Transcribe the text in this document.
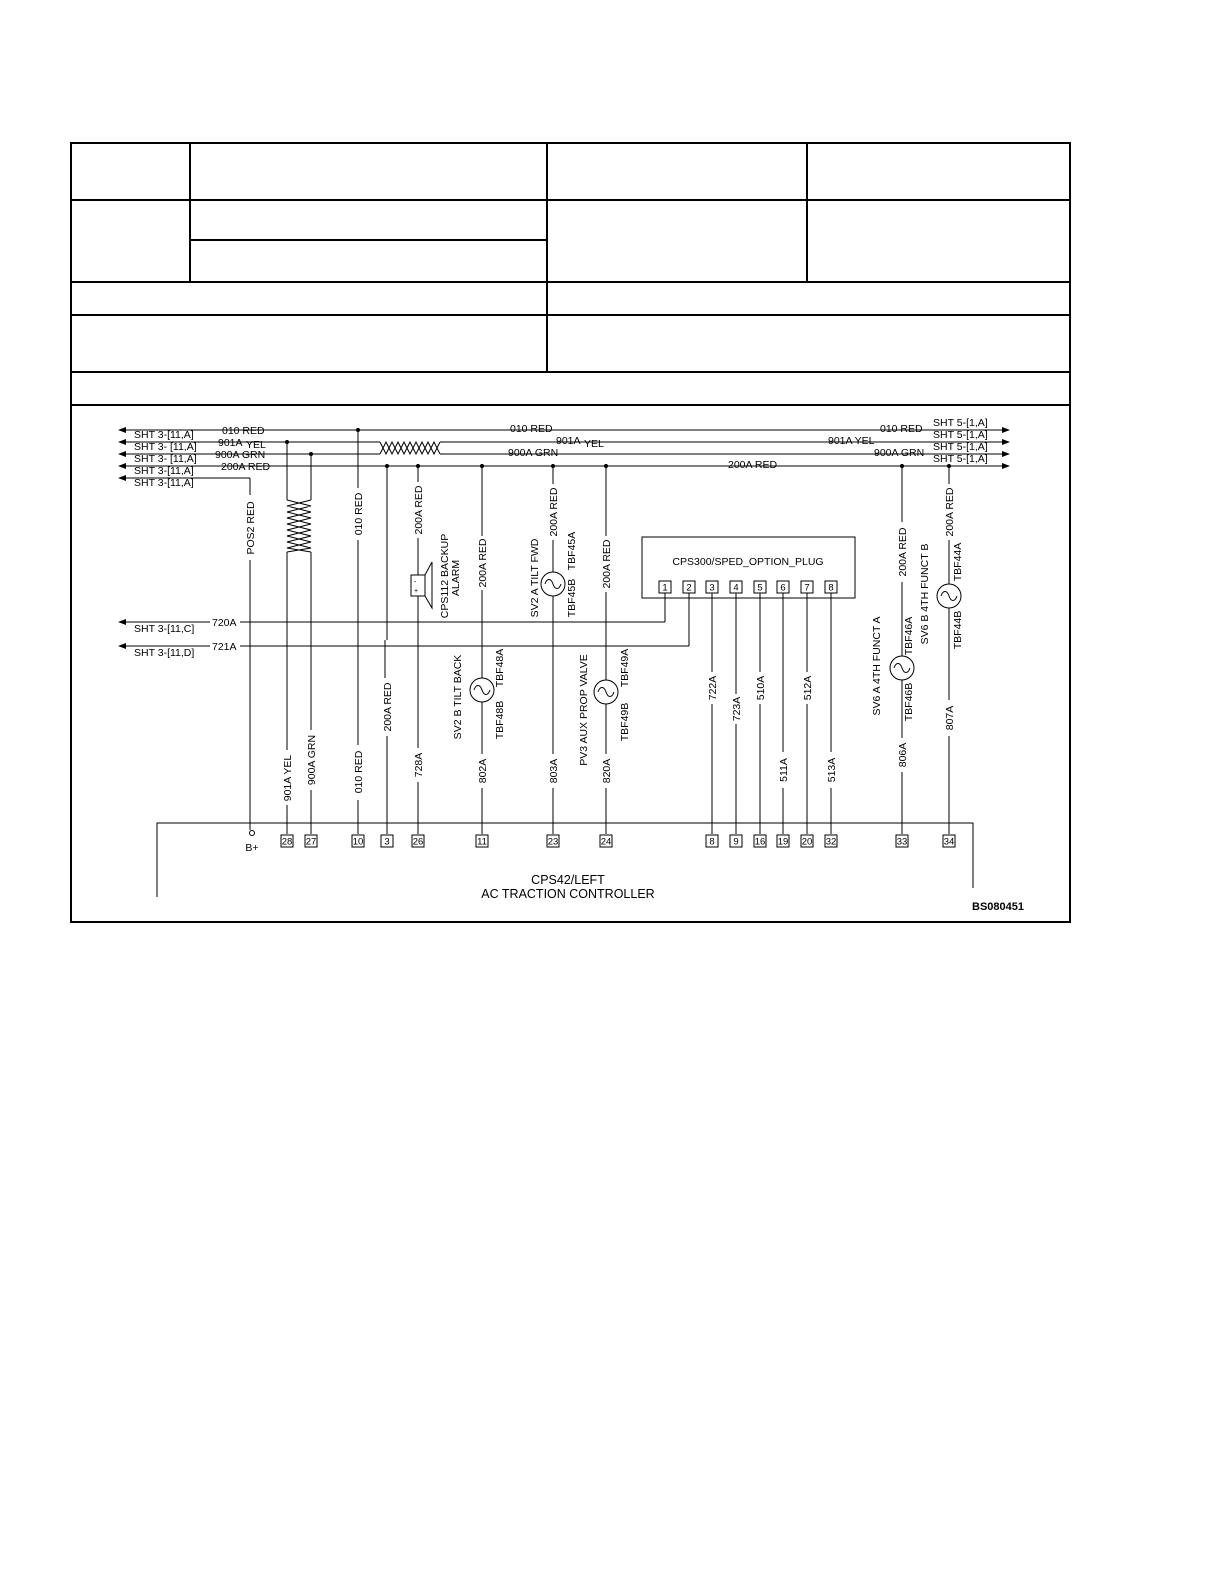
SHT 3-[11,A]
SHT 3- [11,A]
SHT 3- [11,A]
SHT 3-[11,A]
SHT 3-[11,A]
010 RED
901A YEL
900A GRN
200A RED
010 RED
901A YEL
900A GRN
200A RED
010 RED
901A YEL
900A GRN
SHT 5-[1,A]
SHT 5-[1,A]
SHT 5-[1,A]
SHT 5-[1,A]
720A
SHT 3-[11,C]
721A
SHT 3-[11,D]
POS2 RED
901A YEL 900A GRN
010 RED
010 RED
200A RED
200A RED
728A
200A RED
802A
200A RED
803A
200A RED
820A
722A
723A
510A
511A
512A
513A
200A RED
806A
200A RED
807A
-
+ CPS112 BACKUP ALARM
SV2 B TILT BACK	TBF48A
TBF48B
SV2 A TILT FWD TBF45A
TBF45B
PV3 AUX PROP VALVE	TBF49A
TBF49B
SV6 A 4TH FUNCT A TBF46A
TBF46B
SV6 B 4TH FUNCT B TBF44A
TBF44B
CPS300/SPED_OPTION_PLUG
1 2 3 4 5 6 7 8
B+
CPS42/LEFT
AC TRACTION CONTROLLER
28 27	10 3 26	11	23	24	8 9 16 19 20 32	33	34
BS080451
